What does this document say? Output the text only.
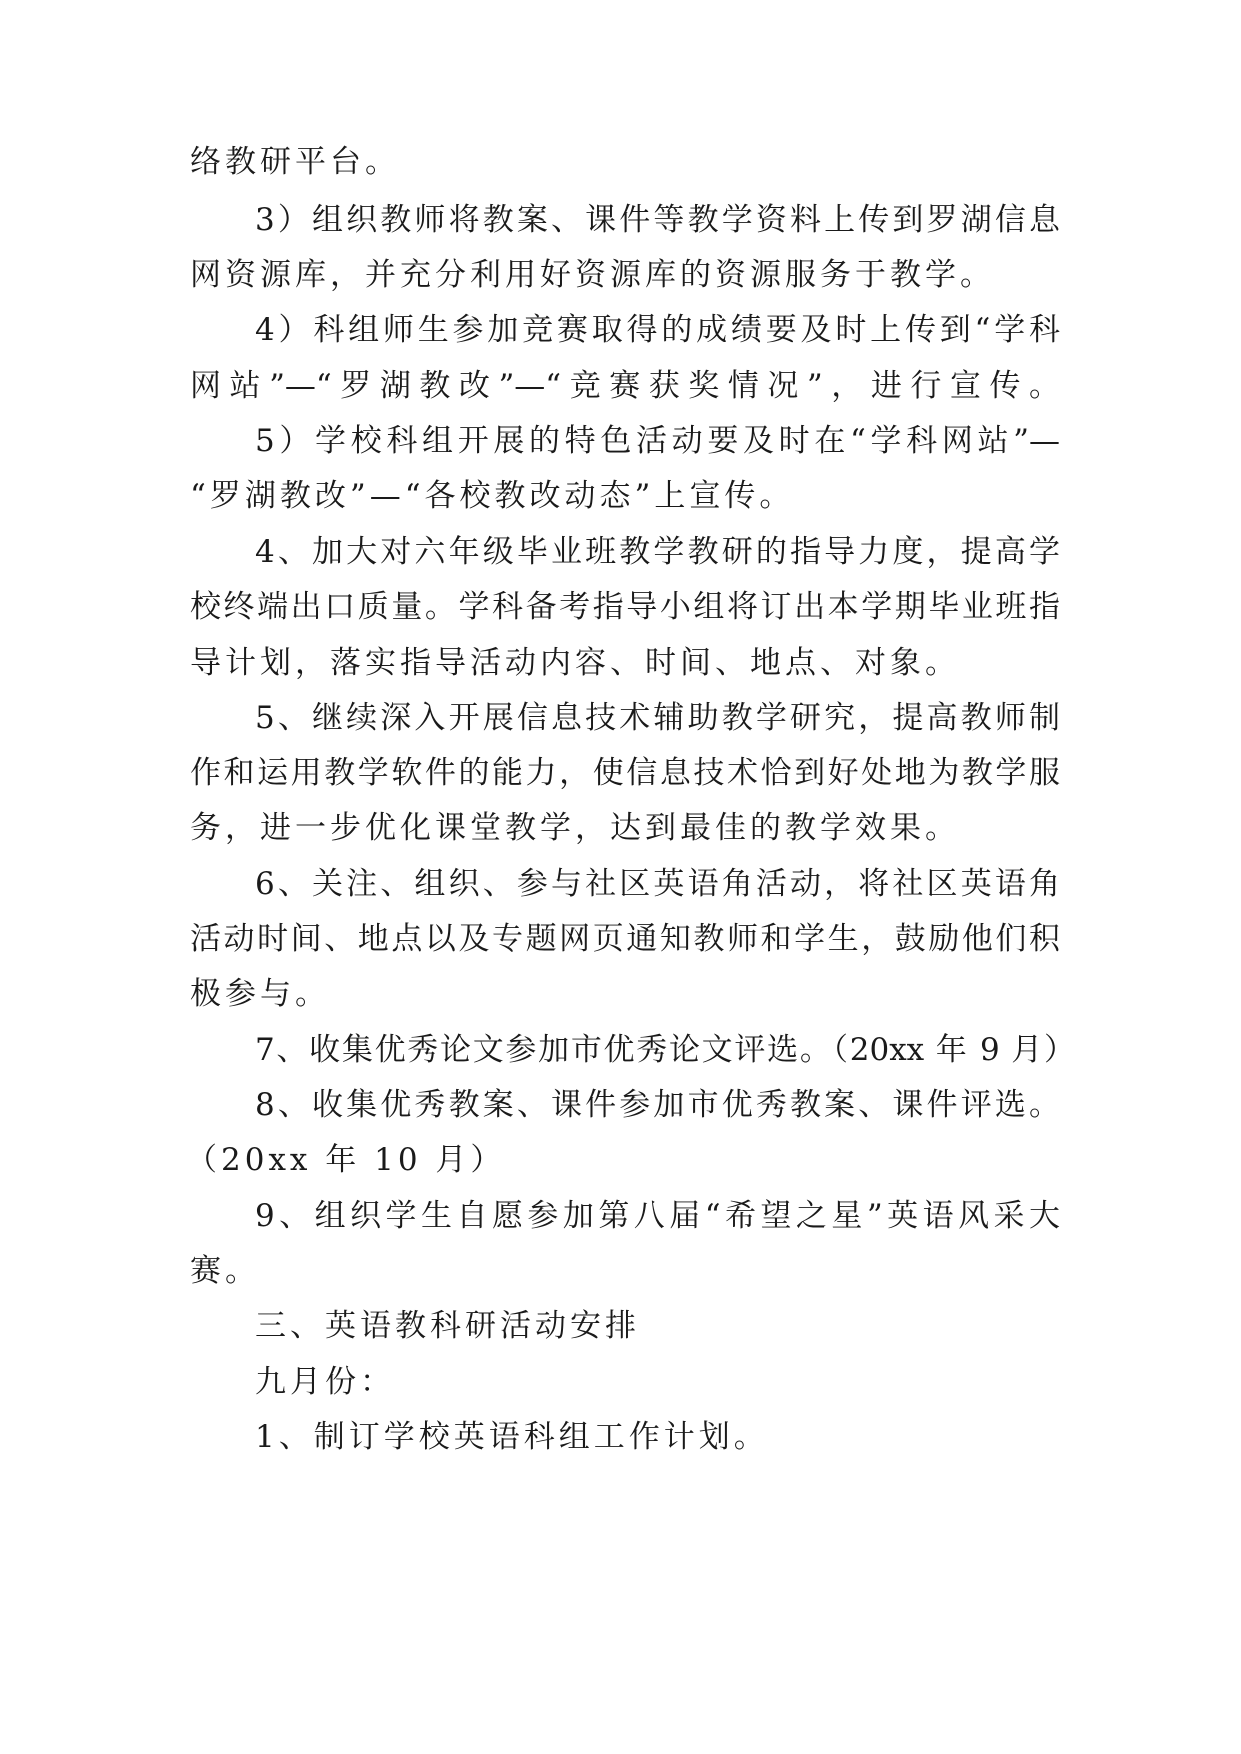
络教研平台。
3）组织教师将教案、课件等教学资料上传到罗湖信息
网资源库，并充分利用好资源库的资源服务于教学。
4）科组师生参加竞赛取得的成绩要及时上传到“学科
网站”—“罗湖教改”—“竞赛获奖情况”，进行宣传。
5）学校科组开展的特色活动要及时在“学科网站”—
“罗湖教改”—“各校教改动态”上宣传。
4、加大对六年级毕业班教学教研的指导力度，提高学
校终端出口质量。学科备考指导小组将订出本学期毕业班指
导计划，落实指导活动内容、时间、地点、对象。
5、继续深入开展信息技术辅助教学研究，提高教师制
作和运用教学软件的能力，使信息技术恰到好处地为教学服
务，进一步优化课堂教学，达到最佳的教学效果。
6、关注、组织、参与社区英语角活动，将社区英语角
活动时间、地点以及专题网页通知教师和学生，鼓励他们积
极参与。
7、收集优秀论文参加市优秀论文评选。（20xx 年 9 月）
8、收集优秀教案、课件参加市优秀教案、课件评选。
（20xx 年 10 月）
9、组织学生自愿参加第八届“希望之星”英语风采大
赛。
三、英语教科研活动安排
九月份：
1、制订学校英语科组工作计划。
